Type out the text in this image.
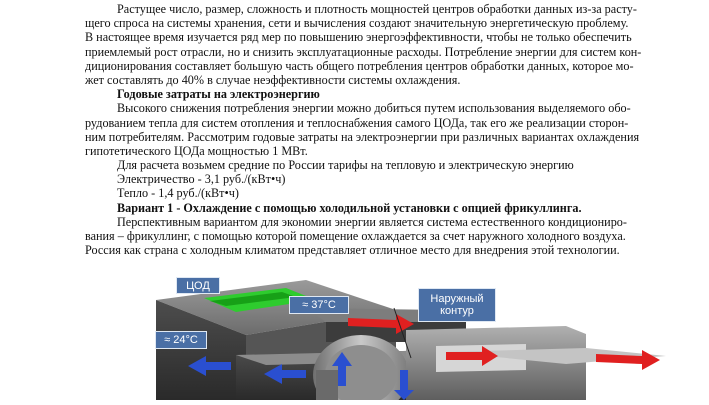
Растущее число, размер, сложность и плотность мощностей центров обработки данных из-за расту-
щего спроса на системы хранения, сети и вычисления создают значительную энергетическую проблему.
В настоящее время изучается ряд мер по повышению энергоэффективности, чтобы не только обеспечить
приемлемый рост отрасли, но и снизить эксплуатационные расходы. Потребление энергии для систем кон-
диционирования составляет большую часть общего потребления центров обработки данных, которое мо-
жет составлять до 40% в случае неэффективности системы охлаждения.
Годовые затраты на электроэнергию
Высокого снижения потребления энергии можно добиться путем использования выделяемого обо-
рудованием тепла для систем отопления и теплоснабжения самого ЦОДа, так его же реализации сторон-
ним потребителям. Рассмотрим годовые затраты на электроэнергии при различных вариантах охлаждения
гипотетического ЦОДа мощностью 1 МВт.
Для расчета возьмем средние по России тарифы на тепловую и электрическую энергию
Электричество - 3,1 руб./(кВт•ч)
Тепло - 1,4 руб./(кВт•ч)
Вариант 1 - Охлаждение с помощью холодильной установки с опцией фрикуллинга.
Перспективным вариантом для экономии энергии является система естественного кондициониро-
вания – фрикуллинг, с помощью которой помещение охлаждается за счет наружного холодного воздуха.
Россия как страна с холодным климатом представляет отличное место для внедрения этой технологии.
ЦОД
≈ 37°С
≈ 24°С
Наружный контур
